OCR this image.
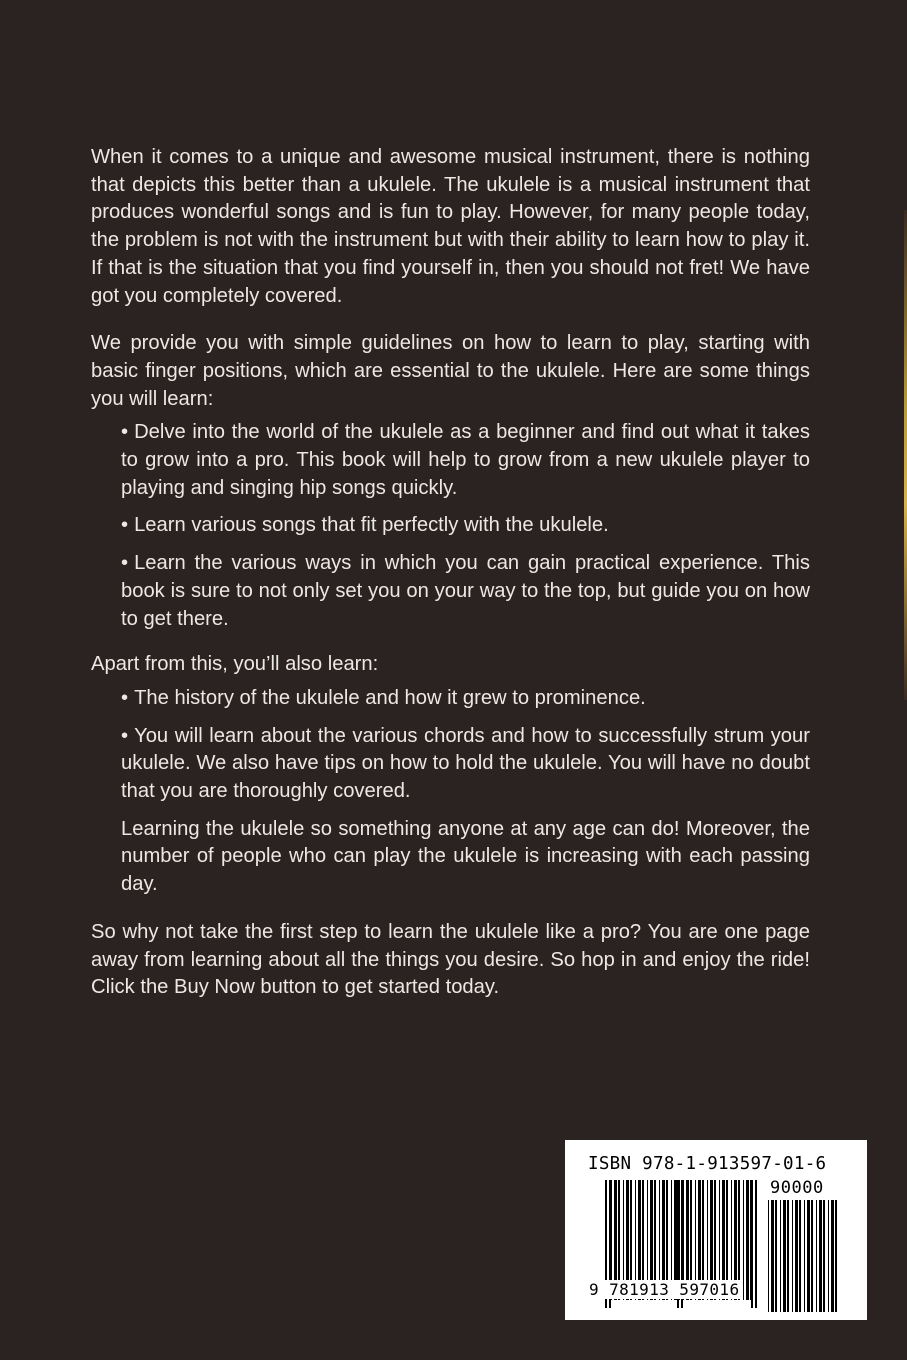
When it comes to a unique and awesome musical instrument, there is nothing that depicts this better than a ukulele. The ukulele is a musical instrument that produces wonderful songs and is fun to play. However, for many people today, the problem is not with the instrument but with their ability to learn how to play it. If that is the situation that you find yourself in, then you should not fret! We have got you completely covered.

We provide you with simple guidelines on how to learn to play, starting with basic finger positions, which are essential to the ukulele. Here are some things you will learn:

• Delve into the world of the ukulele as a beginner and find out what it takes to grow into a pro. This book will help to grow from a new ukulele player to playing and singing hip songs quickly.
• Learn various songs that fit perfectly with the ukulele.
• Learn the various ways in which you can gain practical experience. This book is sure to not only set you on your way to the top, but guide you on how to get there.

Apart from this, you’ll also learn:

• The history of the ukulele and how it grew to prominence.
• You will learn about the various chords and how to successfully strum your ukulele. We also have tips on how to hold the ukulele. You will have no doubt that you are thoroughly covered.

Learning the ukulele so something anyone at any age can do! Moreover, the number of people who can play the ukulele is increasing with each passing day.

So why not take the first step to learn the ukulele like a pro? You are one page away from learning about all the things you desire. So hop in and enjoy the ride! Click the Buy Now button to get started today.

ISBN 978-1-913597-01-6
90000
9 781913 597016
